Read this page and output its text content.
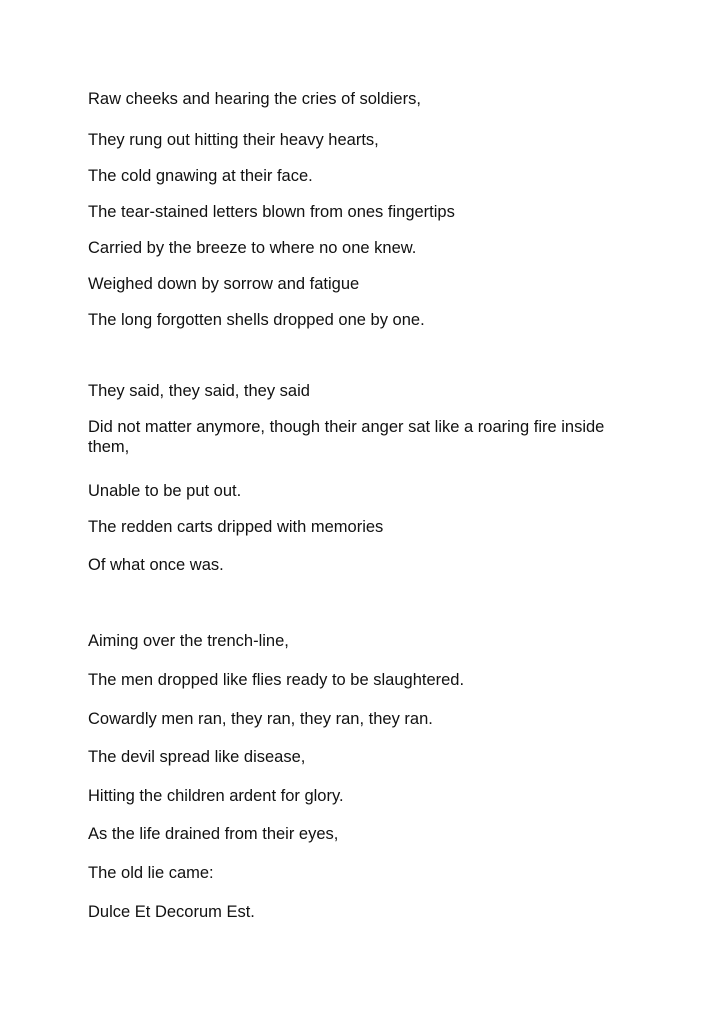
Raw cheeks and hearing the cries of soldiers,
They rung out hitting their heavy hearts,
The cold gnawing at their face.
The tear-stained letters blown from ones fingertips
Carried by the breeze to where no one knew.
Weighed down by sorrow and fatigue
The long forgotten shells dropped one by one.
They said, they said, they said
Did not matter anymore, though their anger sat like a roaring fire inside them,
Unable to be put out.
The redden carts dripped with memories
Of what once was.
Aiming over the trench-line,
The men dropped like flies ready to be slaughtered.
Cowardly men ran, they ran, they ran, they ran.
The devil spread like disease,
Hitting the children ardent for glory.
As the life drained from their eyes,
The old lie came:
Dulce Et Decorum Est.
